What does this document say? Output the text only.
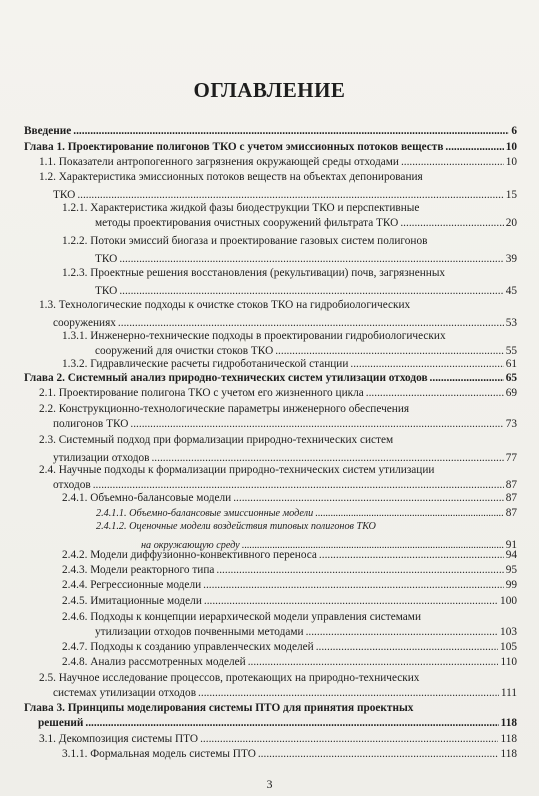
ОГЛАВЛЕНИЕ
Введение .....	6
Глава 1. Проектирование полигонов ТКО с учетом эмиссионных потоков веществ .....	10
1.1. Показатели антропогенного загрязнения окружающей среды отходами .....	10
1.2. Характеристика эмиссионных потоков веществ на объектах депонирования
ТКО .....	15
1.2.1. Характеристика жидкой фазы биодеструкции ТКО и перспективные
методы проектирования очистных сооружений фильтрата ТКО .....	20
1.2.2. Потоки эмиссий биогаза и проектирование газовых систем полигонов
ТКО .....	39
1.2.3. Проектные решения восстановления (рекультивации) почв, загрязненных
ТКО .....	45
1.3. Технологические подходы к очистке стоков ТКО на гидробиологических
сооружениях .....	53
1.3.1. Инженерно-технические подходы в проектировании гидробиологических
сооружений для очистки стоков ТКО .....	55
1.3.2. Гидравлические расчеты гидроботанической станции .....	61
Глава 2. Системный анализ природно-технических систем утилизации отходов .....	65
2.1. Проектирование полигона ТКО с учетом его жизненного цикла .....	69
2.2. Конструкционно-технологические параметры инженерного обеспечения
полигонов ТКО .....	73
2.3. Системный подход при формализации природно-технических систем
утилизации отходов .....	77
2.4. Научные подходы к формализации природно-технических систем утилизации
отходов .....	87
2.4.1. Объемно-балансовые модели .....	87
2.4.1.1. Объемно-балансовые эмиссионные модели .....	87
2.4.1.2. Оценочные модели воздействия типовых полигонов ТКО
на окружающую среду .....	91
2.4.2. Модели диффузионно-конвективного переноса .....	94
2.4.3. Модели реакторного типа .....	95
2.4.4. Регрессионные модели .....	99
2.4.5. Имитационные модели .....	100
2.4.6. Подходы к концепции иерархической модели управления системами
утилизации отходов почвенными методами .....	103
2.4.7. Подходы к созданию управленческих моделей .....	105
2.4.8. Анализ рассмотренных моделей .....	110
2.5. Научное исследование процессов, протекающих на природно-технических
системах утилизации отходов .....	111
Глава 3. Принципы моделирования системы ПТО для принятия проектных
решений .....	118
3.1. Декомпозиция системы ПТО .....	118
3.1.1. Формальная модель системы ПТО .....	118
3
